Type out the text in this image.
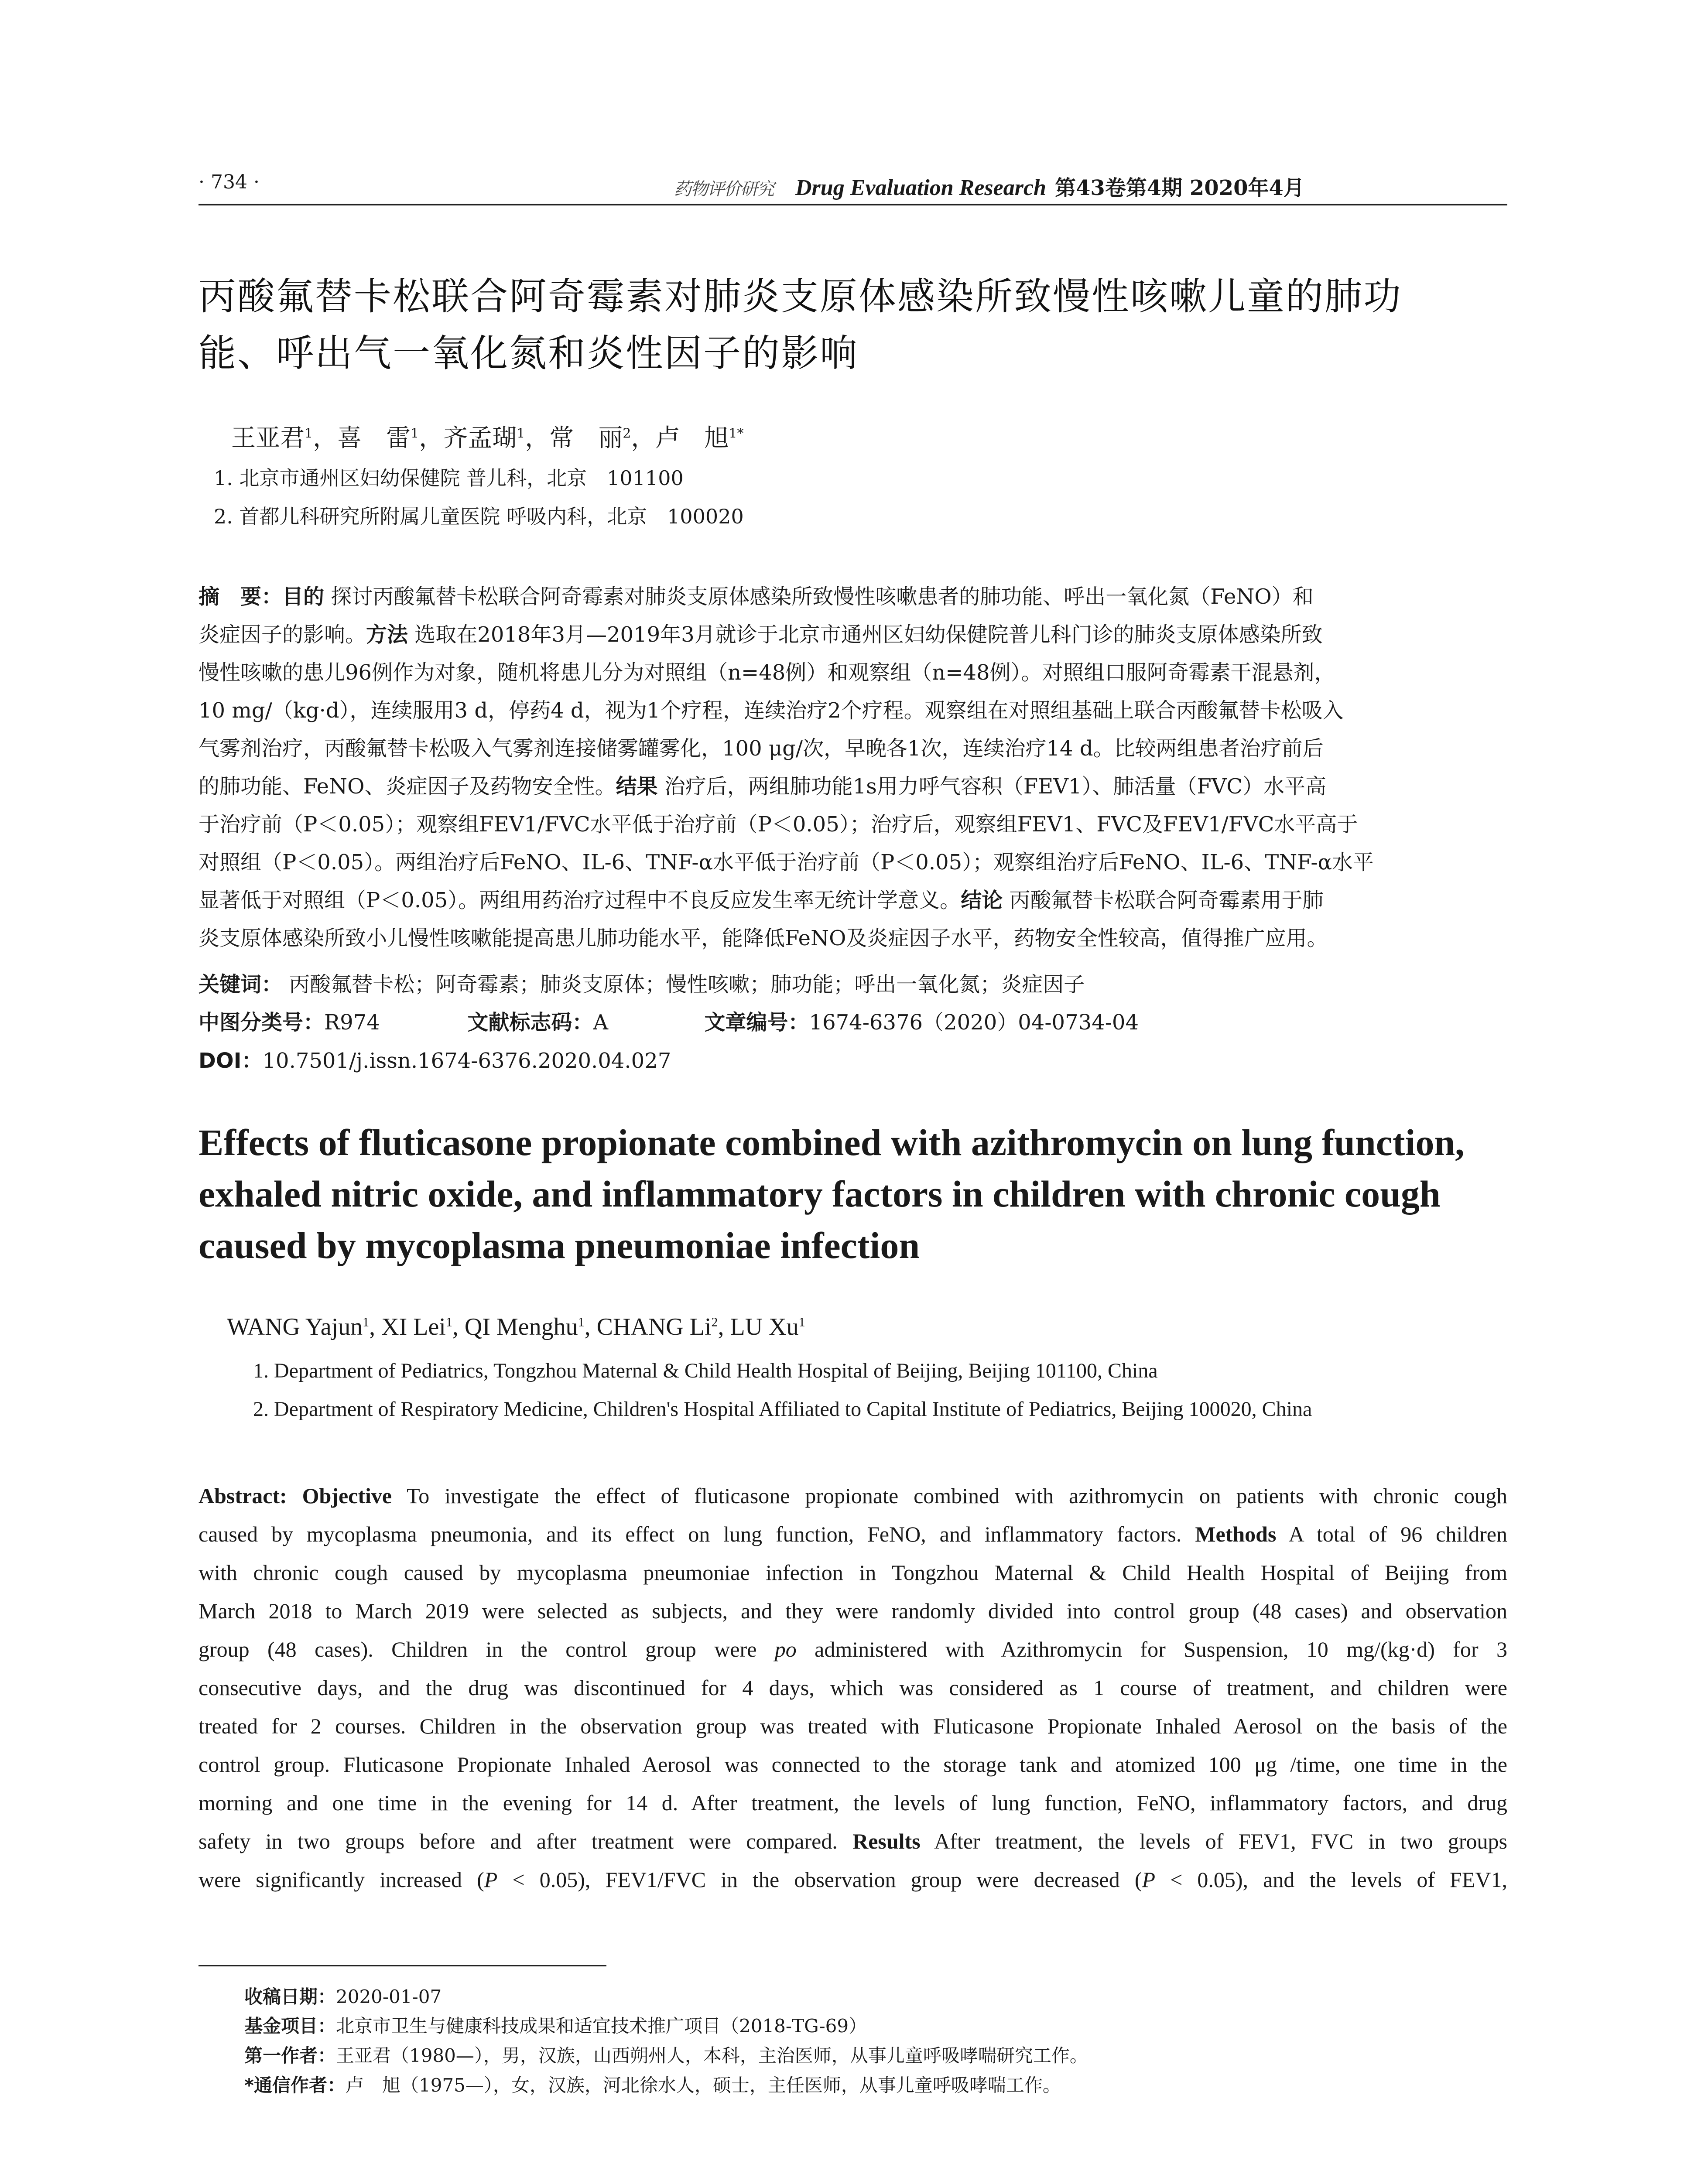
· 734 ·	药物评价研究 Drug Evaluation Research 第43卷第4期 2020年4月
丙酸氟替卡松联合阿奇霉素对肺炎支原体感染所致慢性咳嗽儿童的肺功
能、呼出气一氧化氮和炎性因子的影响
王亚君$^1$，喜　雷$^1$，齐孟瑚$^1$，常　丽$^2$，卢　旭$^{1*}$
1. 北京市通州区妇幼保健院 普儿科，北京　101100
2. 首都儿科研究所附属儿童医院 呼吸内科，北京　100020
摘　要：目的 探讨丙酸氟替卡松联合阿奇霉素对肺炎支原体感染所致慢性咳嗽患者的肺功能、呼出一氧化氮（FeNO）和
炎症因子的影响。方法 选取在2018年3月—2019年3月就诊于北京市通州区妇幼保健院普儿科门诊的肺炎支原体感染所致
慢性咳嗽的患儿96例作为对象，随机将患儿分为对照组（n=48例）和观察组（n=48例）。对照组口服阿奇霉素干混悬剂，
10 mg/（kg·d），连续服用3 d，停药4 d，视为1个疗程，连续治疗2个疗程。观察组在对照组基础上联合丙酸氟替卡松吸入
气雾剂治疗，丙酸氟替卡松吸入气雾剂连接储雾罐雾化，100 μg/次，早晚各1次，连续治疗14 d。比较两组患者治疗前后
的肺功能、FeNO、炎症因子及药物安全性。结果 治疗后，两组肺功能1s用力呼气容积（FEV1）、肺活量（FVC）水平高
于治疗前（P＜0.05）；观察组FEV1/FVC水平低于治疗前（P＜0.05）；治疗后，观察组FEV1、FVC及FEV1/FVC水平高于
对照组（P＜0.05）。两组治疗后FeNO、IL-6、TNF-α水平低于治疗前（P＜0.05）；观察组治疗后FeNO、IL-6、TNF-α水平
显著低于对照组（P＜0.05）。两组用药治疗过程中不良反应发生率无统计学意义。结论 丙酸氟替卡松联合阿奇霉素用于肺
炎支原体感染所致小儿慢性咳嗽能提高患儿肺功能水平，能降低FeNO及炎症因子水平，药物安全性较高，值得推广应用。
关键词： 丙酸氟替卡松；阿奇霉素；肺炎支原体；慢性咳嗽；肺功能；呼出一氧化氮；炎症因子
中图分类号：R974	文献标志码：A	文章编号：1674-6376（2020）04-0734-04
DOI：10.7501/j.issn.1674-6376.2020.04.027
Effects of fluticasone propionate combined with azithromycin on lung function,
exhaled nitric oxide, and inflammatory factors in children with chronic cough
caused by mycoplasma pneumoniae infection
WANG Yajun$^1$, XI Lei$^1$, QI Menghu$^1$, CHANG Li$^2$, LU Xu$^1$
1. Department of Pediatrics, Tongzhou Maternal & Child Health Hospital of Beijing, Beijing 101100, China
2. Department of Respiratory Medicine, Children's Hospital Affiliated to Capital Institute of Pediatrics, Beijing 100020, China
Abstract: Objective To investigate the effect of fluticasone propionate combined with azithromycin on patients with chronic cough
caused by mycoplasma pneumonia, and its effect on lung function, FeNO, and inflammatory factors. Methods A total of 96 children
with chronic cough caused by mycoplasma pneumoniae infection in Tongzhou Maternal & Child Health Hospital of Beijing from
March 2018 to March 2019 were selected as subjects, and they were randomly divided into control group (48 cases) and observation
group (48 cases). Children in the control group were po administered with Azithromycin for Suspension, 10 mg/(kg·d) for 3
consecutive days, and the drug was discontinued for 4 days, which was considered as 1 course of treatment, and children were
treated for 2 courses. Children in the observation group was treated with Fluticasone Propionate Inhaled Aerosol on the basis of the
control group. Fluticasone Propionate Inhaled Aerosol was connected to the storage tank and atomized 100 μg /time, one time in the
morning and one time in the evening for 14 d. After treatment, the levels of lung function, FeNO, inflammatory factors, and drug
safety in two groups before and after treatment were compared. Results After treatment, the levels of FEV1, FVC in two groups
were significantly increased (P < 0.05), FEV1/FVC in the observation group were decreased (P < 0.05), and the levels of FEV1,
收稿日期：2020-01-07
基金项目：北京市卫生与健康科技成果和适宜技术推广项目（2018-TG-69）
第一作者：王亚君（1980—），男，汉族，山西朔州人，本科，主治医师，从事儿童呼吸哮喘研究工作。
*通信作者：卢　旭（1975—），女，汉族，河北徐水人，硕士，主任医师，从事儿童呼吸哮喘工作。
